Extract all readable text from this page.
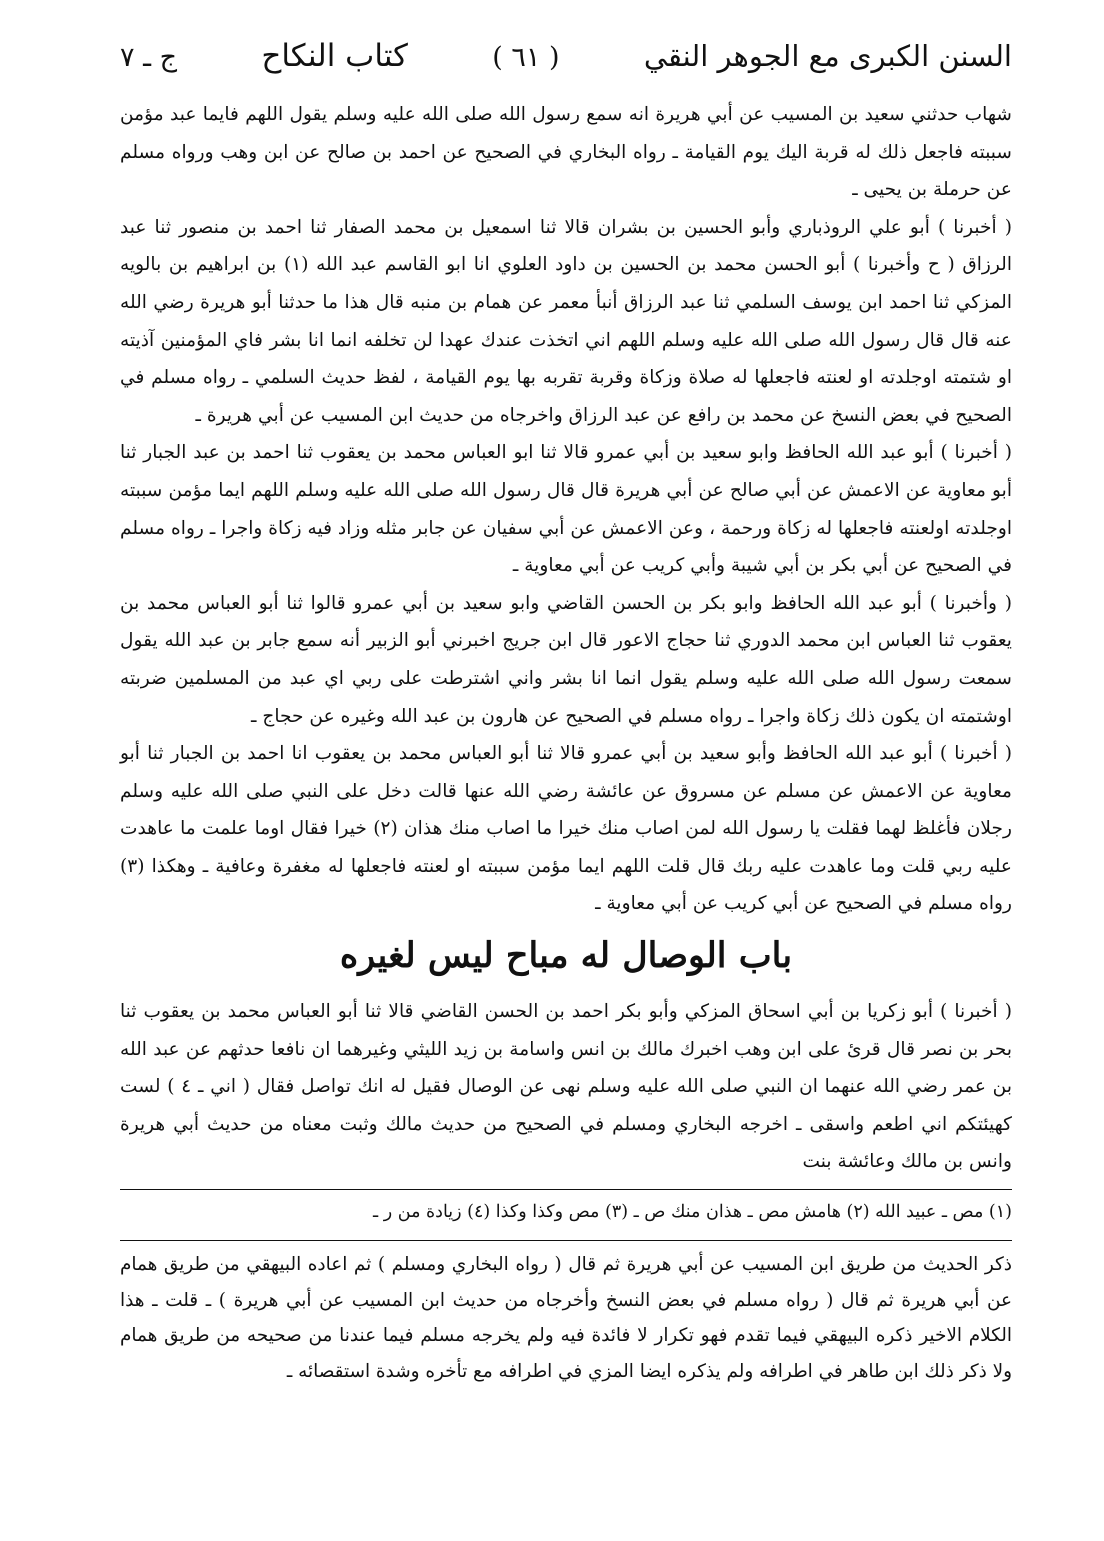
السنن الكبرى مع الجوهر النقي
( ٦١ )
كتاب النكاح
ج ـ ٧

شهاب حدثني سعيد بن المسيب عن أبي هريرة انه سمع رسول الله صلى الله عليه وسلم يقول اللهم فايما عبد مؤمن سببته فاجعل ذلك له قربة اليك يوم القيامة ـ رواه البخاري في الصحيح عن احمد بن صالح عن ابن وهب ورواه مسلم عن حرملة بن يحيى ـ

( أخبرنا ) أبو علي الروذباري وأبو الحسين بن بشران قالا ثنا اسمعيل بن محمد الصفار ثنا احمد بن منصور ثنا عبد الرزاق ( ح وأخبرنا ) أبو الحسن محمد بن الحسين بن داود العلوي انا ابو القاسم عبد الله (١) بن ابراهيم بن بالويه المزكي ثنا احمد ابن يوسف السلمي ثنا عبد الرزاق أنبأ معمر عن همام بن منبه قال هذا ما حدثنا أبو هريرة رضي الله عنه قال قال رسول الله صلى الله عليه وسلم اللهم اني اتخذت عندك عهدا لن تخلفه انما انا بشر فاي المؤمنين آذيته او شتمته اوجلدته او لعنته فاجعلها له صلاة وزكاة وقربة تقربه بها يوم القيامة ، لفظ حديث السلمي ـ رواه مسلم في الصحيح في بعض النسخ عن محمد بن رافع عن عبد الرزاق واخرجاه من حديث ابن المسيب عن أبي هريرة ـ

( أخبرنا ) أبو عبد الله الحافظ وابو سعيد بن أبي عمرو قالا ثنا ابو العباس محمد بن يعقوب ثنا احمد بن عبد الجبار ثنا أبو معاوية عن الاعمش عن أبي صالح عن أبي هريرة قال قال رسول الله صلى الله عليه وسلم اللهم ايما مؤمن سببته اوجلدته اولعنته فاجعلها له زكاة ورحمة ، وعن الاعمش عن أبي سفيان عن جابر مثله وزاد فيه زكاة واجرا ـ رواه مسلم في الصحيح عن أبي بكر بن أبي شيبة وأبي كريب عن أبي معاوية ـ

( وأخبرنا ) أبو عبد الله الحافظ وابو بكر بن الحسن القاضي وابو سعيد بن أبي عمرو قالوا ثنا أبو العباس محمد بن يعقوب ثنا العباس ابن محمد الدوري ثنا حجاج الاعور قال ابن جريج اخبرني أبو الزبير أنه سمع جابر بن عبد الله يقول سمعت رسول الله صلى الله عليه وسلم يقول انما انا بشر واني اشترطت على ربي اي عبد من المسلمين ضربته اوشتمته ان يكون ذلك زكاة واجرا ـ رواه مسلم في الصحيح عن هارون بن عبد الله وغيره عن حجاج ـ

( أخبرنا ) أبو عبد الله الحافظ وأبو سعيد بن أبي عمرو قالا ثنا أبو العباس محمد بن يعقوب انا احمد بن الجبار ثنا أبو معاوية عن الاعمش عن مسلم عن مسروق عن عائشة رضي الله عنها قالت دخل على النبي صلى الله عليه وسلم رجلان فأغلظ لهما فقلت يا رسول الله لمن اصاب منك خيرا ما اصاب منك هذان (٢) خيرا فقال اوما علمت ما عاهدت عليه ربي قلت وما عاهدت عليه ربك قال قلت اللهم ايما مؤمن سببته او لعنته فاجعلها له مغفرة وعافية ـ وهكذا (٣) رواه مسلم في الصحيح عن أبي كريب عن أبي معاوية ـ

باب الوصال له مباح ليس لغيره

( أخبرنا ) أبو زكريا بن أبي اسحاق المزكي وأبو بكر احمد بن الحسن القاضي قالا ثنا أبو العباس محمد بن يعقوب ثنا بحر بن نصر قال قرئ على ابن وهب اخبرك مالك بن انس واسامة بن زيد الليثي وغيرهما ان نافعا حدثهم عن عبد الله بن عمر رضي الله عنهما ان النبي صلى الله عليه وسلم نهى عن الوصال فقيل له انك تواصل فقال ( اني ـ ٤ ) لست كهيئتكم اني اطعم واسقى ـ اخرجه البخاري ومسلم في الصحيح من حديث مالك وثبت معناه من حديث أبي هريرة وانس بن مالك وعائشة بنت

(١) مص ـ عبيد الله (٢) هامش مص ـ هذان منك ص ـ (٣) مص وكذا وكذا (٤) زيادة من ر ـ

ذكر الحديث من طريق ابن المسيب عن أبي هريرة ثم قال ( رواه البخاري ومسلم ) ثم اعاده البيهقي من طريق همام عن أبي هريرة ثم قال ( رواه مسلم في بعض النسخ وأخرجاه من حديث ابن المسيب عن أبي هريرة ) ـ قلت ـ هذا الكلام الاخير ذكره البيهقي فيما تقدم فهو تكرار لا فائدة فيه ولم يخرجه مسلم فيما عندنا من صحيحه من طريق همام ولا ذكر ذلك ابن طاهر في اطرافه ولم يذكره ايضا المزي في اطرافه مع تأخره وشدة استقصائه ـ
